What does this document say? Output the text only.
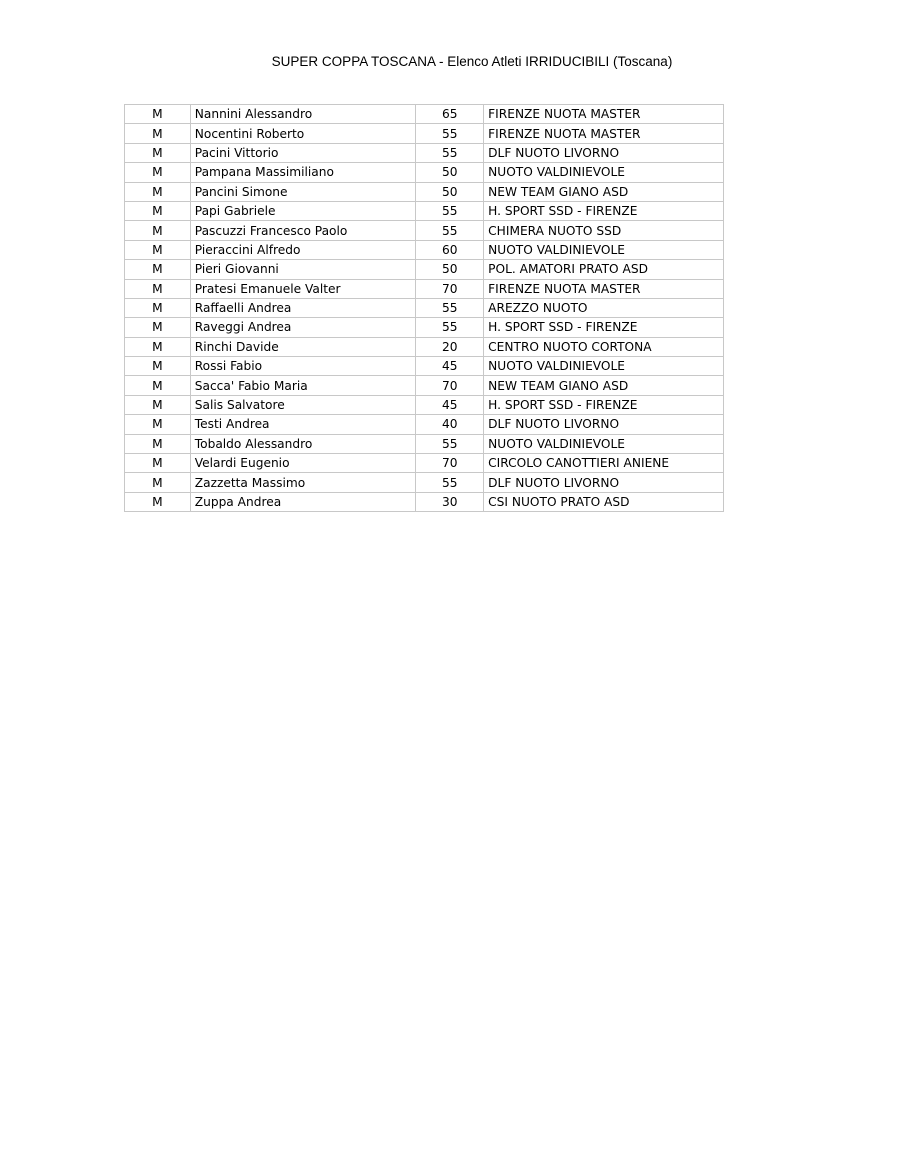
SUPER COPPA TOSCANA - Elenco Atleti IRRIDUCIBILI (Toscana)
M	Nannini Alessandro	65	FIRENZE NUOTA MASTER
M	Nocentini Roberto	55	FIRENZE NUOTA MASTER
M	Pacini Vittorio	55	DLF NUOTO LIVORNO
M	Pampana Massimiliano	50	NUOTO VALDINIEVOLE
M	Pancini Simone	50	NEW TEAM GIANO ASD
M	Papi Gabriele	55	H. SPORT SSD - FIRENZE
M	Pascuzzi Francesco Paolo	55	CHIMERA NUOTO SSD
M	Pieraccini Alfredo	60	NUOTO VALDINIEVOLE
M	Pieri Giovanni	50	POL. AMATORI PRATO ASD
M	Pratesi Emanuele Valter	70	FIRENZE NUOTA MASTER
M	Raffaelli Andrea	55	AREZZO NUOTO
M	Raveggi Andrea	55	H. SPORT SSD - FIRENZE
M	Rinchi Davide	20	CENTRO NUOTO CORTONA
M	Rossi Fabio	45	NUOTO VALDINIEVOLE
M	Sacca' Fabio Maria	70	NEW TEAM GIANO ASD
M	Salis Salvatore	45	H. SPORT SSD - FIRENZE
M	Testi Andrea	40	DLF NUOTO LIVORNO
M	Tobaldo Alessandro	55	NUOTO VALDINIEVOLE
M	Velardi Eugenio	70	CIRCOLO CANOTTIERI ANIENE
M	Zazzetta Massimo	55	DLF NUOTO LIVORNO
M	Zuppa Andrea	30	CSI NUOTO PRATO ASD
